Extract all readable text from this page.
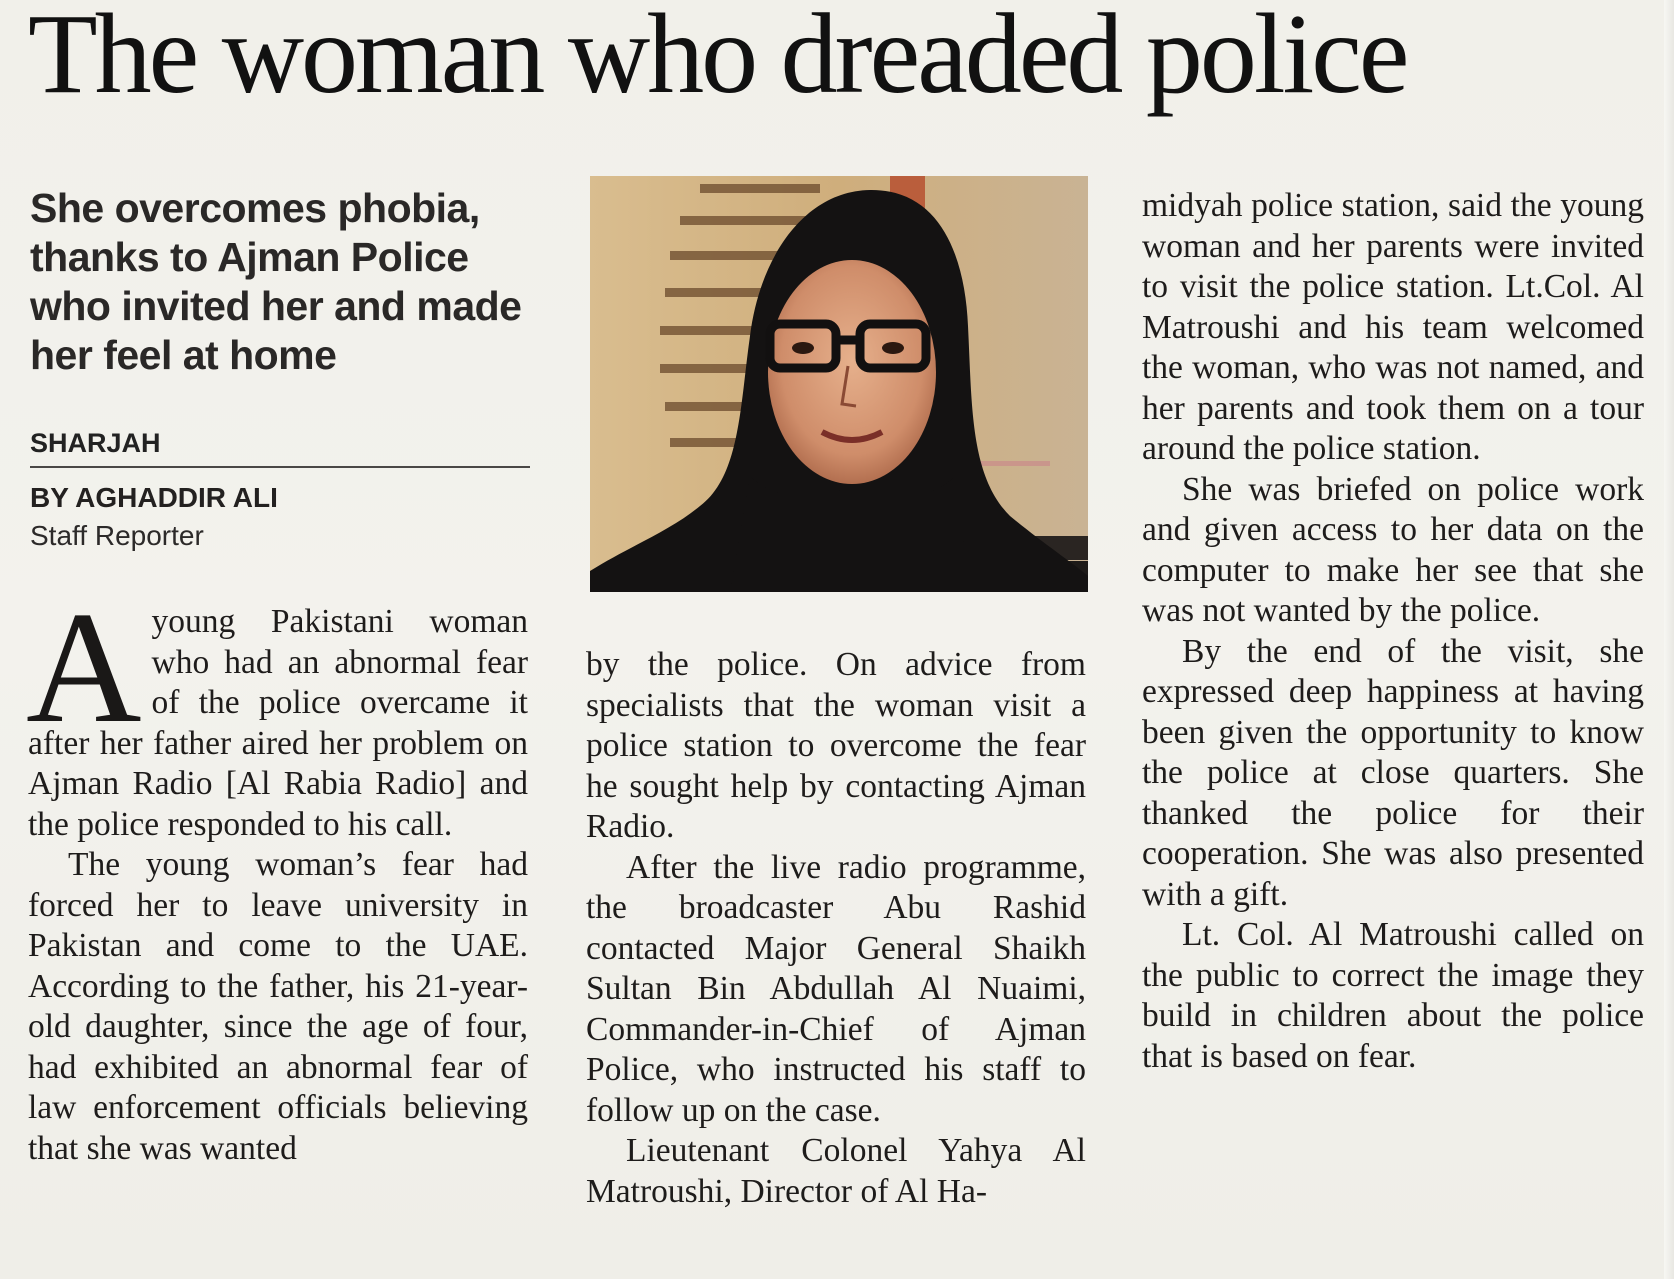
The woman who dreaded police
She overcomes phobia, thanks to Ajman Police who invited her and made her feel at home
SHARJAH
BY AGHADDIR ALI
Staff Reporter

Ayoung Pakistani woman who had an abnormal fear of the police overcame it after her father aired her problem on Ajman Radio [Al Rabia Radio] and the police responded to his call.

The young woman’s fear had forced her to leave university in Pakistan and come to the UAE. According to the father, his 21-year-old daughter, since the age of four, had exhibited an abnormal fear of law enforcement officials believing that she was wanted

by the police. On advice from specialists that the woman visit a police station to overcome the fear he sought help by contacting Ajman Radio.

After the live radio programme, the broadcaster Abu Rashid contacted Major General Shaikh Sultan Bin Abdullah Al Nuaimi, Commander-in-Chief of Ajman Police, who instructed his staff to follow up on the case.

Lieutenant Colonel Yahya Al Matroushi, Director of Al Ha-

midyah police station, said the young woman and her parents were invited to visit the police station. Lt.Col. Al Matroushi and his team welcomed the woman, who was not named, and her parents and took them on a tour around the police station.

She was briefed on police work and given access to her data on the computer to make her see that she was not wanted by the police.

By the end of the visit, she expressed deep happiness at having been given the opportunity to know the police at close quarters. She thanked the police for their cooperation. She was also presented with a gift.

Lt. Col. Al Matroushi called on the public to correct the image they build in children about the police that is based on fear.
